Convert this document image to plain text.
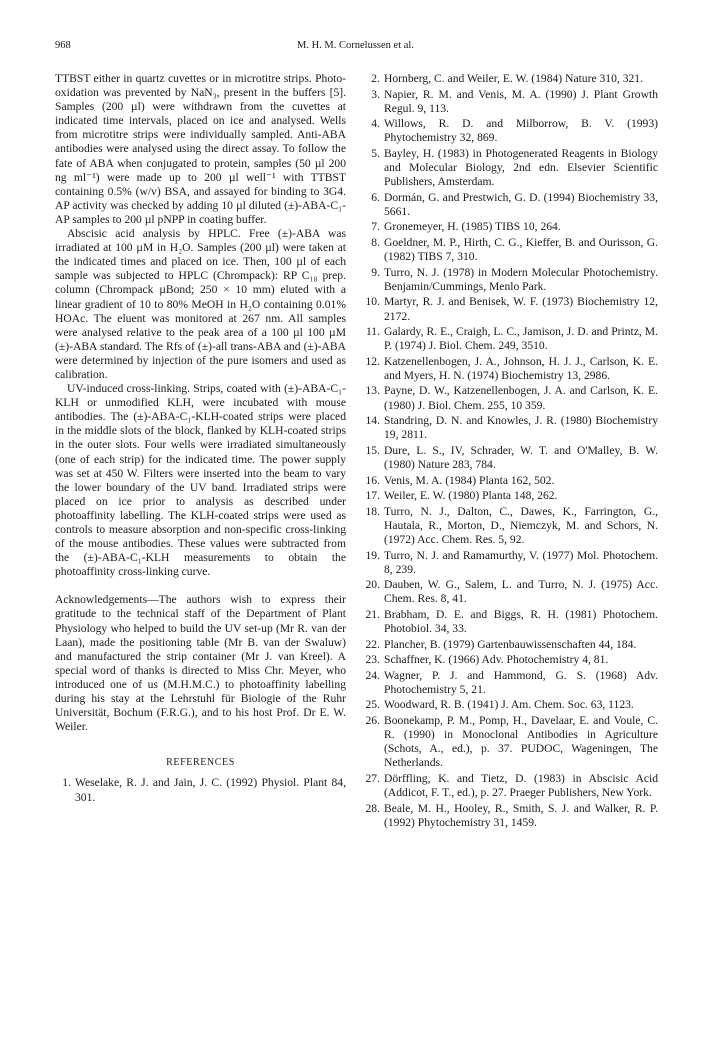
968	M. H. M. Cornelussen et al.

TTBST either in quartz cuvettes or in microtitre strips. Photo-oxidation was prevented by NaN₃, present in the buffers [5]. Samples (200 µl) were withdrawn from the cuvettes at indicated time intervals, placed on ice and analysed. Wells from microtitre strips were individually sampled. Anti-ABA antibodies were analysed using the direct assay. To follow the fate of ABA when conjugated to protein, samples (50 µl 200 ng ml⁻¹) were made up to 200 µl well⁻¹ with TTBST containing 0.5% (w/v) BSA, and assayed for binding to 3G4. AP activity was checked by adding 10 µl diluted (±)-ABA-C₁-AP samples to 200 µl pNPP in coating buffer.

Abscisic acid analysis by HPLC. Free (±)-ABA was irradiated at 100 µM in H₂O. Samples (200 µl) were taken at the indicated times and placed on ice. Then, 100 µl of each sample was subjected to HPLC (Chrompack): RP C₁₈ prep. column (Chrompack µBond; 250 × 10 mm) eluted with a linear gradient of 10 to 80% MeOH in H₂O containing 0.01% HOAc. The eluent was monitored at 267 nm. All samples were analysed relative to the peak area of a 100 µl 100 µM (±)-ABA standard. The Rfs of (±)-all trans-ABA and (±)-ABA were determined by injection of the pure isomers and used as calibration.

UV-induced cross-linking. Strips, coated with (±)-ABA-C₁-KLH or unmodified KLH, were incubated with mouse antibodies. The (±)-ABA-C₁-KLH-coated strips were placed in the middle slots of the block, flanked by KLH-coated strips in the outer slots. Four wells were irradiated simultaneously (one of each strip) for the indicated time. The power supply was set at 450 W. Filters were inserted into the beam to vary the lower boundary of the UV band. Irradiated strips were placed on ice prior to analysis as described under photoaffinity labelling. The KLH-coated strips were used as controls to measure absorption and non-specific cross-linking of the mouse antibodies. These values were subtracted from the (±)-ABA-C₁-KLH measurements to obtain the photoaffinity cross-linking curve.

Acknowledgements—The authors wish to express their gratitude to the technical staff of the Department of Plant Physiology who helped to build the UV set-up (Mr R. van der Laan), made the positioning table (Mr B. van der Swaluw) and manufactured the strip container (Mr J. van Kreel). A special word of thanks is directed to Miss Chr. Meyer, who introduced one of us (M.H.M.C.) to photoaffinity labelling during his stay at the Lehrstuhl für Biologie of the Ruhr Universität, Bochum (F.R.G.), and to his host Prof. Dr E. W. Weiler.

REFERENCES
1. Weselake, R. J. and Jain, J. C. (1992) Physiol. Plant 84, 301.
2. Hornberg, C. and Weiler, E. W. (1984) Nature 310, 321.
3. Napier, R. M. and Venis, M. A. (1990) J. Plant Growth Regul. 9, 113.
4. Willows, R. D. and Milborrow, B. V. (1993) Phytochemistry 32, 869.
5. Bayley, H. (1983) in Photogenerated Reagents in Biology and Molecular Biology, 2nd edn. Elsevier Scientific Publishers, Amsterdam.
6. Dormán, G. and Prestwich, G. D. (1994) Biochemistry 33, 5661.
7. Gronemeyer, H. (1985) TIBS 10, 264.
8. Goeldner, M. P., Hirth, C. G., Kieffer, B. and Ourisson, G. (1982) TIBS 7, 310.
9. Turro, N. J. (1978) in Modern Molecular Photochemistry. Benjamin/Cummings, Menlo Park.
10. Martyr, R. J. and Benisek, W. F. (1973) Biochemistry 12, 2172.
11. Galardy, R. E., Craigh, L. C., Jamison, J. D. and Printz, M. P. (1974) J. Biol. Chem. 249, 3510.
12. Katzenellenbogen, J. A., Johnson, H. J. J., Carlson, K. E. and Myers, H. N. (1974) Biochemistry 13, 2986.
13. Payne, D. W., Katzenellenbogen, J. A. and Carlson, K. E. (1980) J. Biol. Chem. 255, 10 359.
14. Standring, D. N. and Knowles, J. R. (1980) Biochemistry 19, 2811.
15. Dure, L. S., IV, Schrader, W. T. and O'Malley, B. W. (1980) Nature 283, 784.
16. Venis, M. A. (1984) Planta 162, 502.
17. Weiler, E. W. (1980) Planta 148, 262.
18. Turro, N. J., Dalton, C., Dawes, K., Farrington, G., Hautala, R., Morton, D., Niemczyk, M. and Schors, N. (1972) Acc. Chem. Res. 5, 92.
19. Turro, N. J. and Ramamurthy, V. (1977) Mol. Photochem. 8, 239.
20. Dauben, W. G., Salem, L. and Turro, N. J. (1975) Acc. Chem. Res. 8, 41.
21. Brabham, D. E. and Biggs, R. H. (1981) Photochem. Photobiol. 34, 33.
22. Plancher, B. (1979) Gartenbauwissenschaften 44, 184.
23. Schaffner, K. (1966) Adv. Photochemistry 4, 81.
24. Wagner, P. J. and Hammond, G. S. (1968) Adv. Photochemistry 5, 21.
25. Woodward, R. B. (1941) J. Am. Chem. Soc. 63, 1123.
26. Boonekamp, P. M., Pomp, H., Davelaar, E. and Voule, C. R. (1990) in Monoclonal Antibodies in Agriculture (Schots, A., ed.), p. 37. PUDOC, Wageningen, The Netherlands.
27. Dörffling, K. and Tietz, D. (1983) in Abscisic Acid (Addicot, F. T., ed.), p. 27. Praeger Publishers, New York.
28. Beale, M. H., Hooley, R., Smith, S. J. and Walker, R. P. (1992) Phytochemistry 31, 1459.
